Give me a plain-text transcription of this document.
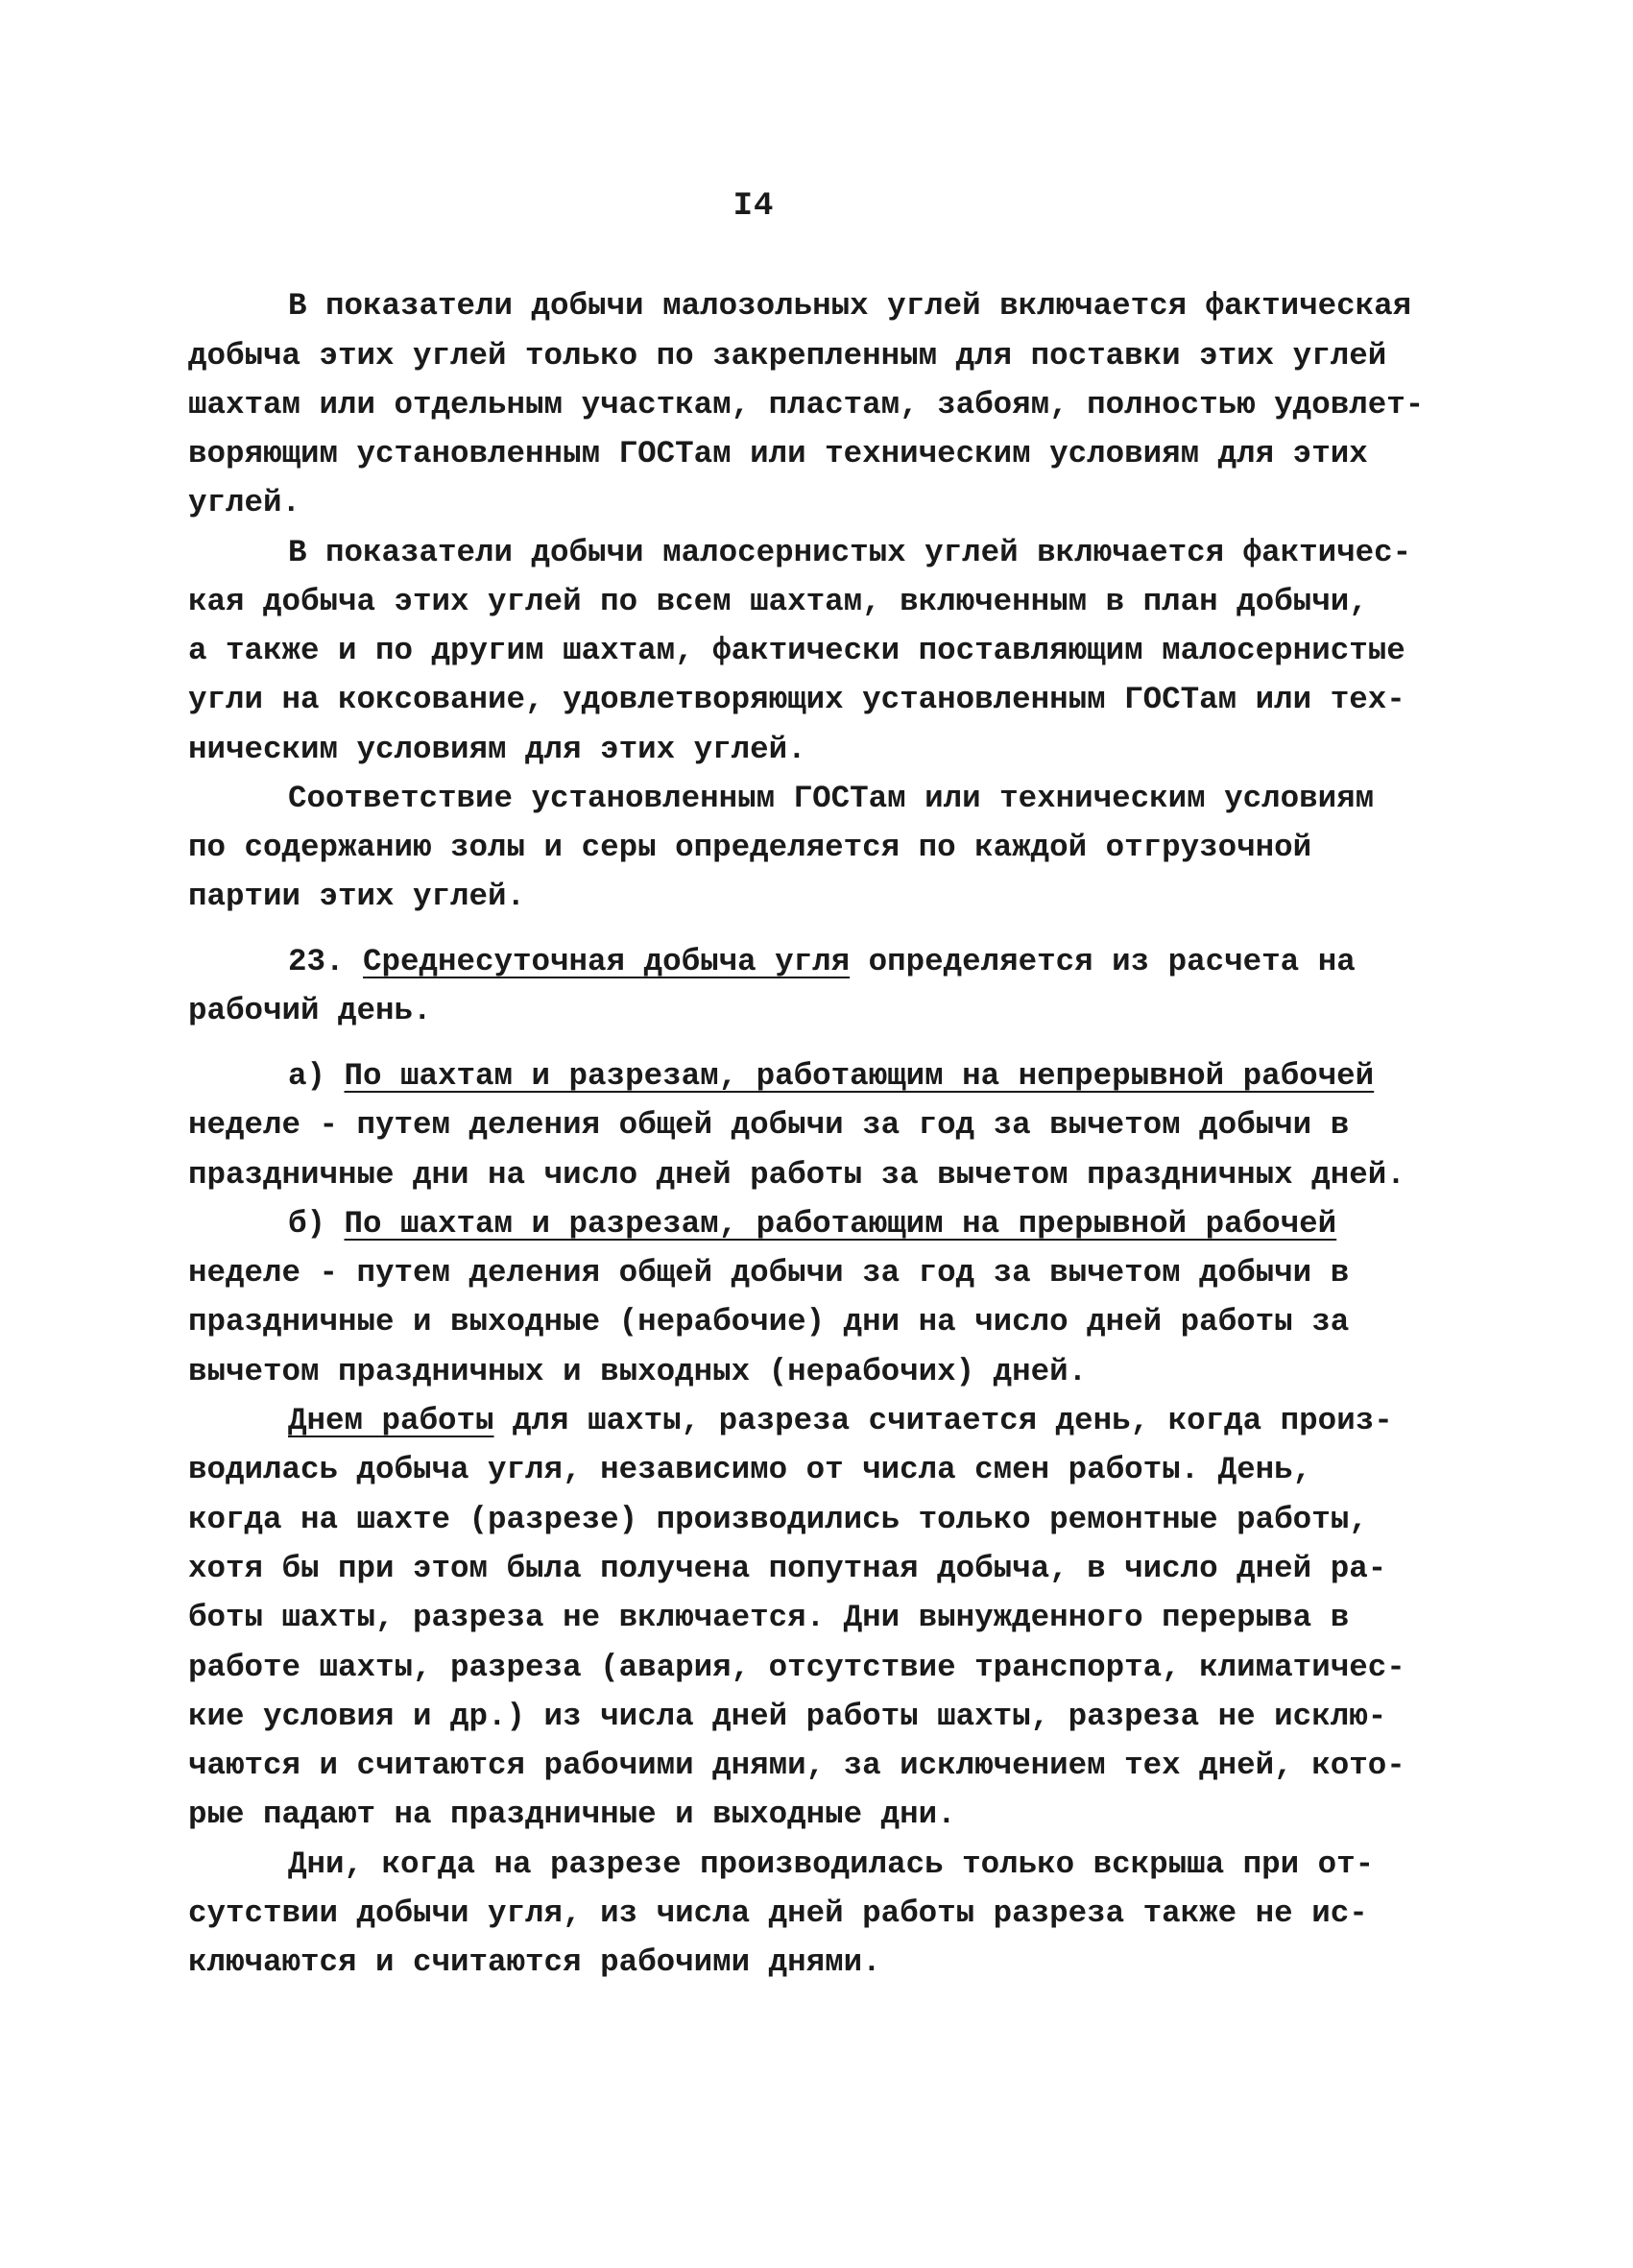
I4
В показатели добычи малозольных углей включается фактическая
добыча этих углей только по закрепленным для поставки этих углей
шахтам или отдельным участкам, пластам, забоям, полностью удовлет-
воряющим установленным ГОСТам или техническим условиям для этих
углей.
В показатели добычи малосернистых углей включается фактичес-
кая добыча этих углей по всем шахтам, включенным в план добычи,
а также и по другим шахтам, фактически поставляющим малосернистые
угли на коксование, удовлетворяющих установленным ГОСТам или тех-
ническим условиям для этих углей.
Соответствие установленным ГОСТам или техническим условиям
по содержанию золы и серы определяется по каждой отгрузочной
партии этих углей.
23. Среднесуточная добыча угля определяется из расчета на
рабочий день.
а) По шахтам и разрезам, работающим на непрерывной рабочей
неделе - путем деления общей добычи за год за вычетом добычи в
праздничные дни на число дней работы за вычетом праздничных дней.
б) По шахтам и разрезам, работающим на прерывной рабочей
неделе - путем деления общей добычи за год за вычетом добычи в
праздничные и выходные (нерабочие) дни на число дней работы за
вычетом праздничных и выходных (нерабочих) дней.
Днем работы для шахты, разреза считается день, когда произ-
водилась добыча угля, независимо от числа смен работы. День,
когда на шахте (разрезе) производились только ремонтные работы,
хотя бы при этом была получена попутная добыча, в число дней ра-
боты шахты, разреза не включается. Дни вынужденного перерыва в
работе шахты, разреза (авария, отсутствие транспорта, климатичес-
кие условия и др.) из числа дней работы шахты, разреза не исклю-
чаются и считаются рабочими днями, за исключением тех дней, кото-
рые падают на праздничные и выходные дни.
Дни, когда на разрезе производилась только вскрыша при от-
сутствии добычи угля, из числа дней работы разреза также не ис-
ключаются и считаются рабочими днями.
